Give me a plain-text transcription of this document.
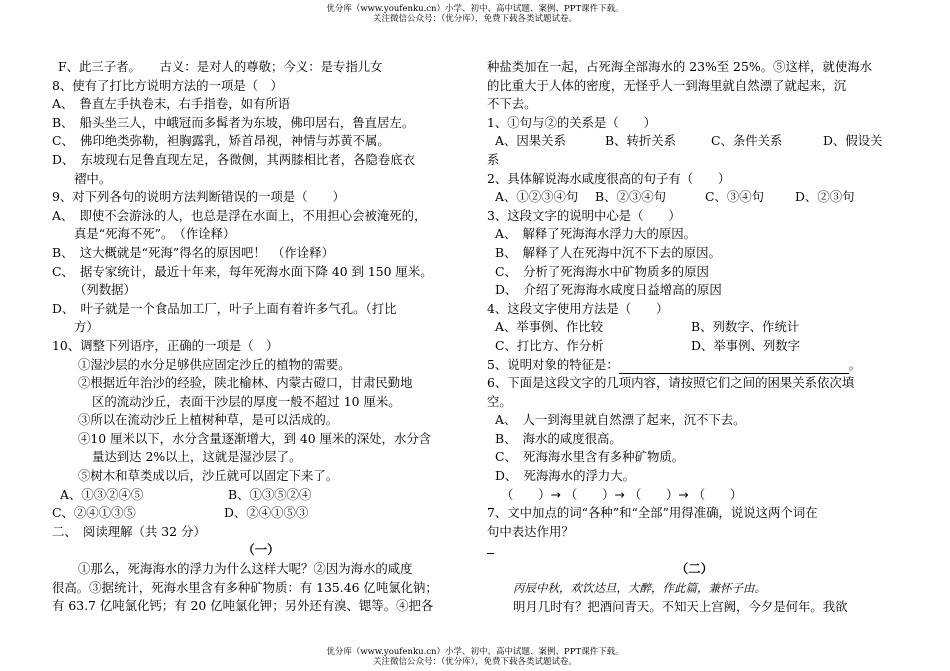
优分库（www.youfenku.cn）小学、初中、高中试题、案例、PPT课件下载。
关注微信公众号：（优分库），免费下载各类试题试卷。

F、此三子者。　　古义：是对人的尊敬；今义：是专指儿女

8、使有了打比方说明方法的一项是（　）

A、　鲁直左手执卷末，右手指卷，如有所语

B、　船头坐三人，中峨冠而多髯者为东坡，佛印居右，鲁直居左。

C、　佛印绝类弥勒，袒胸露乳，矫首昂视，神情与苏黄不属。

D、　东坡现右足鲁直现左足，各微侧，其两膝相比者，各隐卷底衣

褶中。

9、对下列各句的说明方法判断错误的一项是（　　）

A、　即使不会游泳的人，也总是浮在水面上，不用担心会被淹死的，

真是“死海不死”。　（作诠释）

B、　这大概就是“死海”得名的原因吧！　（作诠释）

C、　据专家统计，最近十年来，每年死海水面下降 40 到 150 厘米。

（列数据）

D、　叶子就是一个食品加工厂，叶子上面有着许多气孔。（打比

方）

10、调整下列语序，正确的一项是（　）

①湿沙层的水分足够供应固定沙丘的植物的需要。

②根据近年治沙的经验，陕北榆林、内蒙古磴口，甘肃民勤地

区的流动沙丘，表面干沙层的厚度一般不超过 10 厘米。

③所以在流动沙丘上植树种草，是可以活成的。

④10 厘米以下，水分含量逐渐增大，到 40 厘米的深处，水分含

量达到达 2%以上，这就是湿沙层了。

⑤树木和草类成以后，沙丘就可以固定下来了。

A、①③②④⑤	B、①③⑤②④

C、②④①③⑤	D、②④①⑤③

二、　阅读理解（共 32 分）

（一）

①那么，死海海水的浮力为什么这样大呢？②因为海水的咸度

很高。③据统计，死海水里含有多种矿物质：有 135.46 亿吨氯化钠；

有 63.7 亿吨氯化钙；有 20 亿吨氯化钾；另外还有溴、锶等。④把各

种盐类加在一起，占死海全部海水的 23%至 25%。⑤这样，就使海水

的比重大于人体的密度，无怪乎人一到海里就自然漂了就起来，沉

不下去。

1、①句与②的关系是（　　）

A、因果关系	B、转折关系	C、条件关系	D、假设关

系

2、具体解说海水咸度很高的句子有（　　）

A、①②③④句 B、②③④句	C、③④句 D、②③句

3、这段文字的说明中心是（　　）

A、　解释了死海海水浮力大的原因。

B、　解释了人在死海中沉不下去的原因。

C、　分析了死海海水中矿物质多的原因

D、　介绍了死海海水咸度日益增高的原因

4、这段文字使用方法是（　　）

A、举事例、作比较	B、列数字、作统计

C、打比方、作分析	D、举事例、列数字

5、说明对象的特征是：	。

6、下面是这段文字的几项内容，请按照它们之间的困果关系依次填

空。

A、　人一到海里就自然漂了起来，沉不下去。

B、　海水的咸度很高。

C、　死海海水里含有多种矿物质。

D、　死海海水的浮力大。

（　　）→ （　　）→ （　　）→ （　　）

7、文中加点的词“各种”和“全部”用得准确，说说这两个词在

句中表达作用？

（二）

丙辰中秋，欢饮达旦，大醉，作此篇，兼怀子由。

明月几时有？把酒问青天。不知天上宫阙，今夕是何年。我欲

优分库（www.youfenku.cn）小学、初中、高中试题、案例、PPT课件下载。
关注微信公众号：（优分库），免费下载各类试题试卷。
